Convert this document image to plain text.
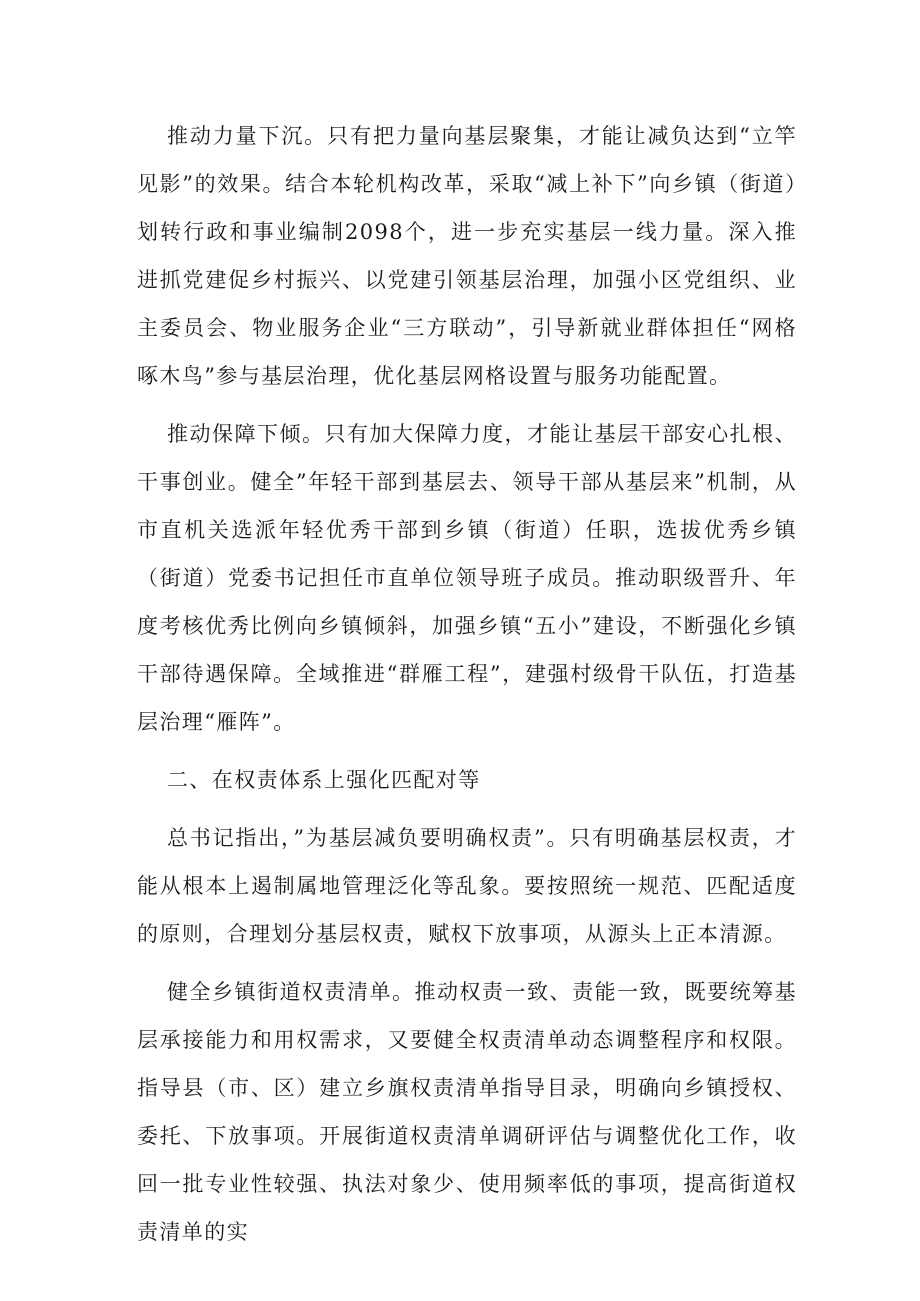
推动力量下沉。只有把力量向基层聚集，才能让减负达到“立竿见影”的效果。结合本轮机构改革，采取“减上补下”向乡镇（街道）划转行政和事业编制2098个，进一步充实基层一线力量。深入推进抓党建促乡村振兴、以党建引领基层治理，加强小区党组织、业主委员会、物业服务企业“三方联动”，引导新就业群体担任“网格啄木鸟”参与基层治理，优化基层网格设置与服务功能配置。

推动保障下倾。只有加大保障力度，才能让基层干部安心扎根、干事创业。健全”年轻干部到基层去、领导干部从基层来”机制，从市直机关选派年轻优秀干部到乡镇（街道）任职，选拔优秀乡镇（街道）党委书记担任市直单位领导班子成员。推动职级晋升、年度考核优秀比例向乡镇倾斜，加强乡镇“五小”建设，不断强化乡镇干部待遇保障。全域推进“群雁工程”，建强村级骨干队伍，打造基层治理“雁阵”。

二、在权责体系上强化匹配对等

总书记指出，”为基层减负要明确权责”。只有明确基层权责，才能从根本上遏制属地管理泛化等乱象。要按照统一规范、匹配适度的原则，合理划分基层权责，赋权下放事项，从源头上正本清源。

健全乡镇街道权责清单。推动权责一致、责能一致，既要统筹基层承接能力和用权需求，又要健全权责清单动态调整程序和权限。指导县（市、区）建立乡旗权责清单指导目录，明确向乡镇授权、委托、下放事项。开展街道权责清单调研评估与调整优化工作，收回一批专业性较强、执法对象少、使用频率低的事项，提高街道权责清单的实
